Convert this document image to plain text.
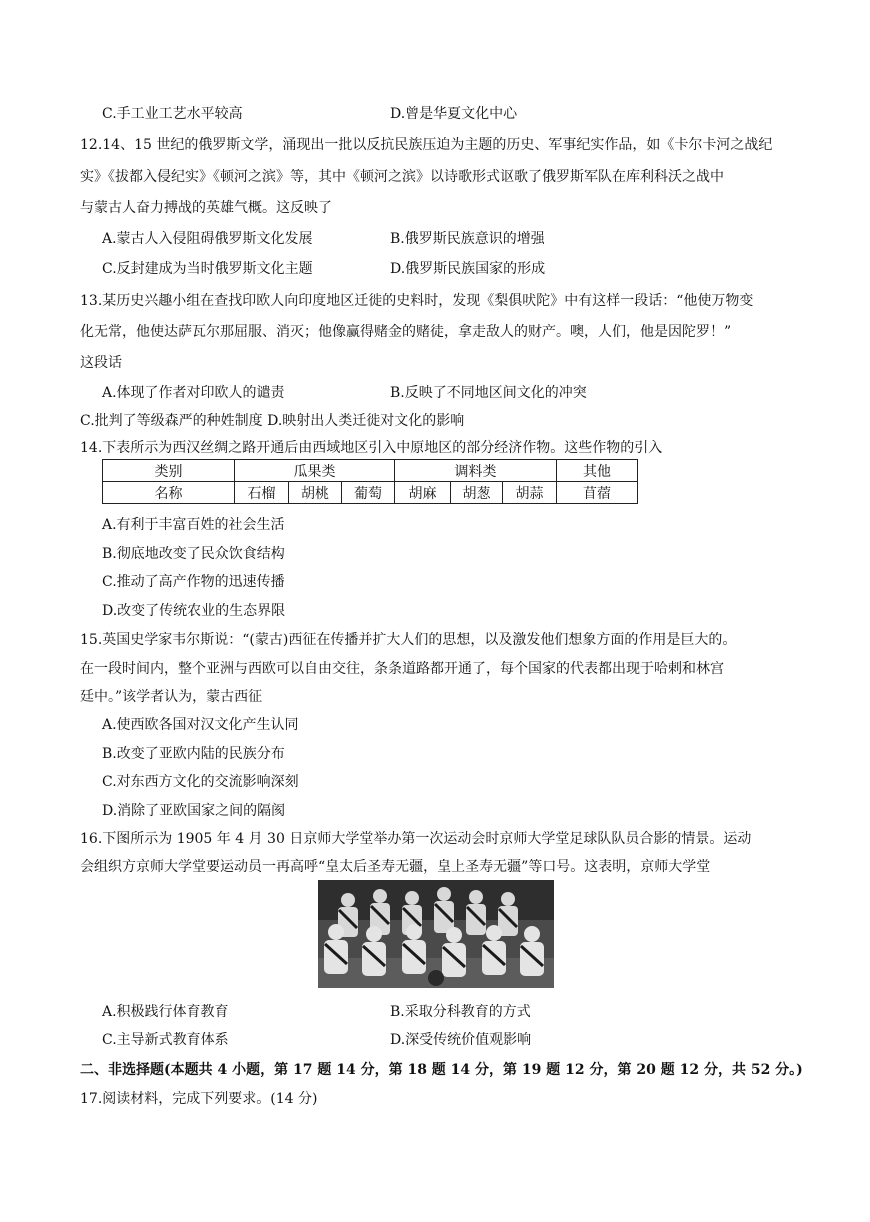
C.手工业工艺水平较高	D.曾是华夏文化中心
12.14、15 世纪的俄罗斯文学，涌现出一批以反抗民族压迫为主题的历史、军事纪实作品，如《卡尔卡河之战纪
实》《拔都入侵纪实》《顿河之滨》等，其中《顿河之滨》以诗歌形式讴歌了俄罗斯军队在库利科沃之战中
与蒙古人奋力搏战的英雄气概。这反映了
A.蒙古人入侵阻碍俄罗斯文化发展	B.俄罗斯民族意识的增强
C.反封建成为当时俄罗斯文化主题	D.俄罗斯民族国家的形成
13.某历史兴趣小组在查找印欧人向印度地区迁徙的史料时，发现《梨俱吠陀》中有这样一段话：“他使万物变
化无常，他使达萨瓦尔那屈服、消灭；他像赢得赌金的赌徒，拿走敌人的财产。噢，人们，他是因陀罗！”
这段话
A.体现了作者对印欧人的谴责	B.反映了不同地区间文化的冲突
C.批判了等级森严的种姓制度 D.映射出人类迁徙对文化的影响
14.下表所示为西汉丝绸之路开通后由西域地区引入中原地区的部分经济作物。这些作物的引入
类别	瓜果类			调料类			其他
名称	石榴	胡桃	葡萄	胡麻	胡葱	胡蒜	苜蓿
A.有利于丰富百姓的社会生活
B.彻底地改变了民众饮食结构
C.推动了高产作物的迅速传播
D.改变了传统农业的生态界限
15.英国史学家韦尔斯说：“(蒙古)西征在传播并扩大人们的思想，以及激发他们想象方面的作用是巨大的。
在一段时间内，整个亚洲与西欧可以自由交往，条条道路都开通了，每个国家的代表都出现于哈剌和林宫
廷中。”该学者认为，蒙古西征
A.使西欧各国对汉文化产生认同
B.改变了亚欧内陆的民族分布
C.对东西方文化的交流影响深刻
D.消除了亚欧国家之间的隔阂
16.下图所示为 1905 年 4 月 30 日京师大学堂举办第一次运动会时京师大学堂足球队队员合影的情景。运动
会组织方京师大学堂要运动员一再高呼“皇太后圣寿无疆，皇上圣寿无疆”等口号。这表明，京师大学堂
A.积极践行体育教育	B.采取分科教育的方式
C.主导新式教育体系	D.深受传统价值观影响
二、非选择题(本题共 4 小题，第 17 题 14 分，第 18 题 14 分，第 19 题 12 分，第 20 题 12 分，共 52 分。)
17.阅读材料，完成下列要求。(14 分)
